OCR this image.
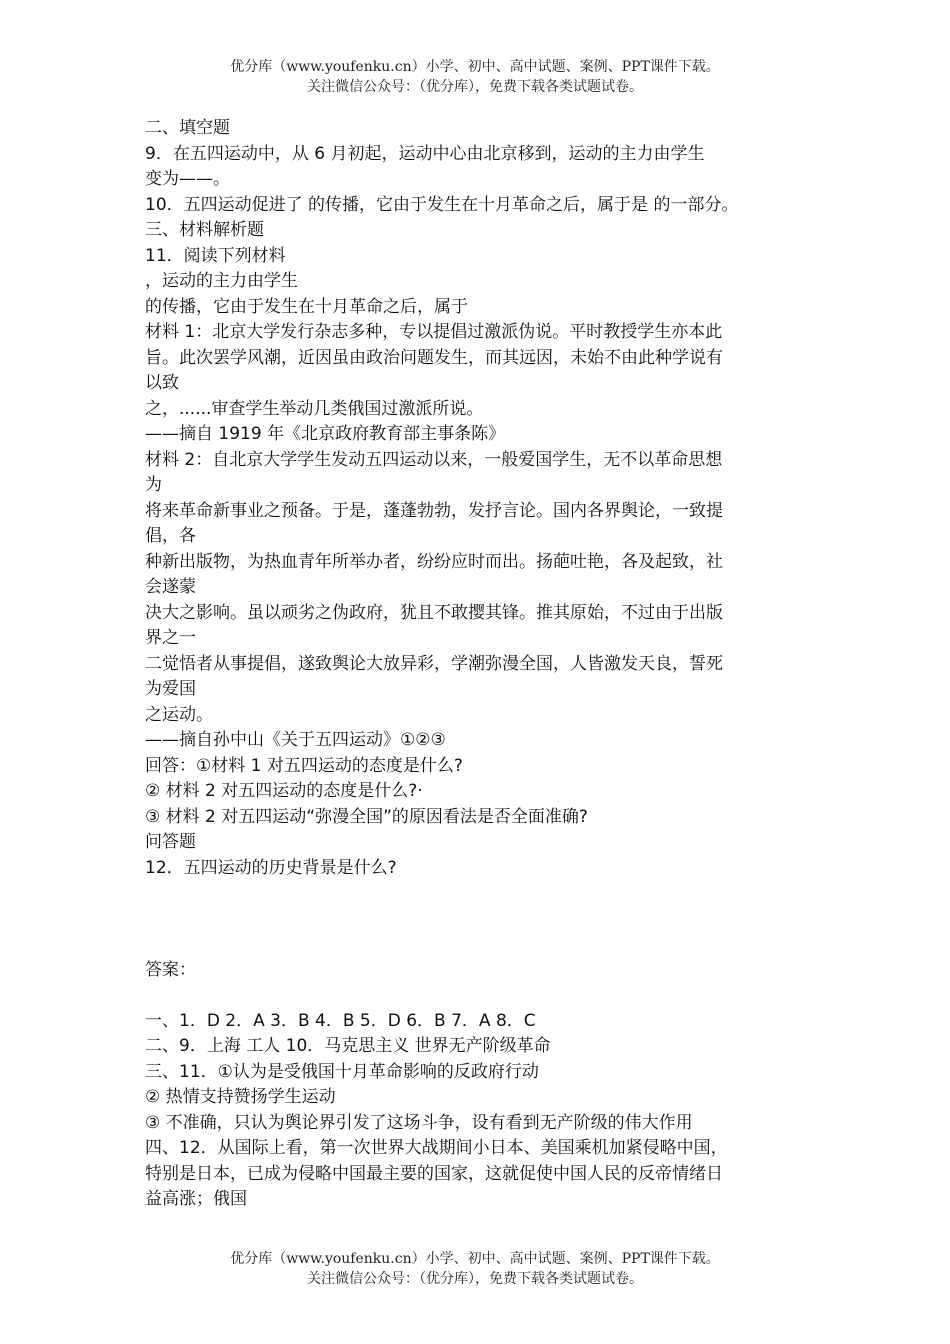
优分库（www.youfenku.cn）小学、初中、高中试题、案例、PPT课件下载。
关注微信公众号：（优分库），免费下载各类试题试卷。
二、填空题
9．在五四运动中，从 6 月初起，运动中心由北京移到，运动的主力由学生
变为——。
10．五四运动促进了 的传播，它由于发生在十月革命之后，属于是 的一部分。
三、材料解析题
11．阅读下列材料
，运动的主力由学生
的传播，它由于发生在十月革命之后，属于
材料 1：北京大学发行杂志多种，专以提倡过激派伪说。平时教授学生亦本此
旨。此次罢学风潮，近因虽由政治问题发生，而其远因，未始不由此种学说有
以致
之，......审查学生举动几类俄国过激派所说。
——摘自 1919 年《北京政府教育部主事条陈》
材料 2：自北京大学学生发动五四运动以来，一般爱国学生，无不以革命思想
为
将来革命新事业之预备。于是，蓬蓬勃勃，发抒言论。国内各界舆论，一致提
倡，各
种新出版物，为热血青年所举办者，纷纷应时而出。扬葩吐艳，各及起致，社
会遂蒙
决大之影响。虽以顽劣之伪政府，犹且不敢撄其锋。推其原始，不过由于出版
界之一
二觉悟者从事提倡，遂致舆论大放异彩，学潮弥漫全国，人皆激发天良，誓死
为爱国
之运动。
——摘自孙中山《关于五四运动》①②③
回答：①材料 1 对五四运动的态度是什么?
② 材料 2 对五四运动的态度是什么?·
③ 材料 2 对五四运动“弥漫全国”的原因看法是否全面准确?
问答题
12．五四运动的历史背景是什么?
答案：
一、1．D 2．A 3．B 4．B 5．D 6．B 7．A 8．C
二、9．上海 工人 10．马克思主义 世界无产阶级革命
三、11．①认为是受俄国十月革命影响的反政府行动
② 热情支持赞扬学生运动
③ 不准确，只认为舆论界引发了这场斗争，设有看到无产阶级的伟大作用
四、12．从国际上看，第一次世界大战期间小日本、美国乘机加紧侵略中国，
特别是日本，已成为侵略中国最主要的国家，这就促使中国人民的反帝情绪日
益高涨；俄国
优分库（www.youfenku.cn）小学、初中、高中试题、案例、PPT课件下载。
关注微信公众号：（优分库），免费下载各类试题试卷。
